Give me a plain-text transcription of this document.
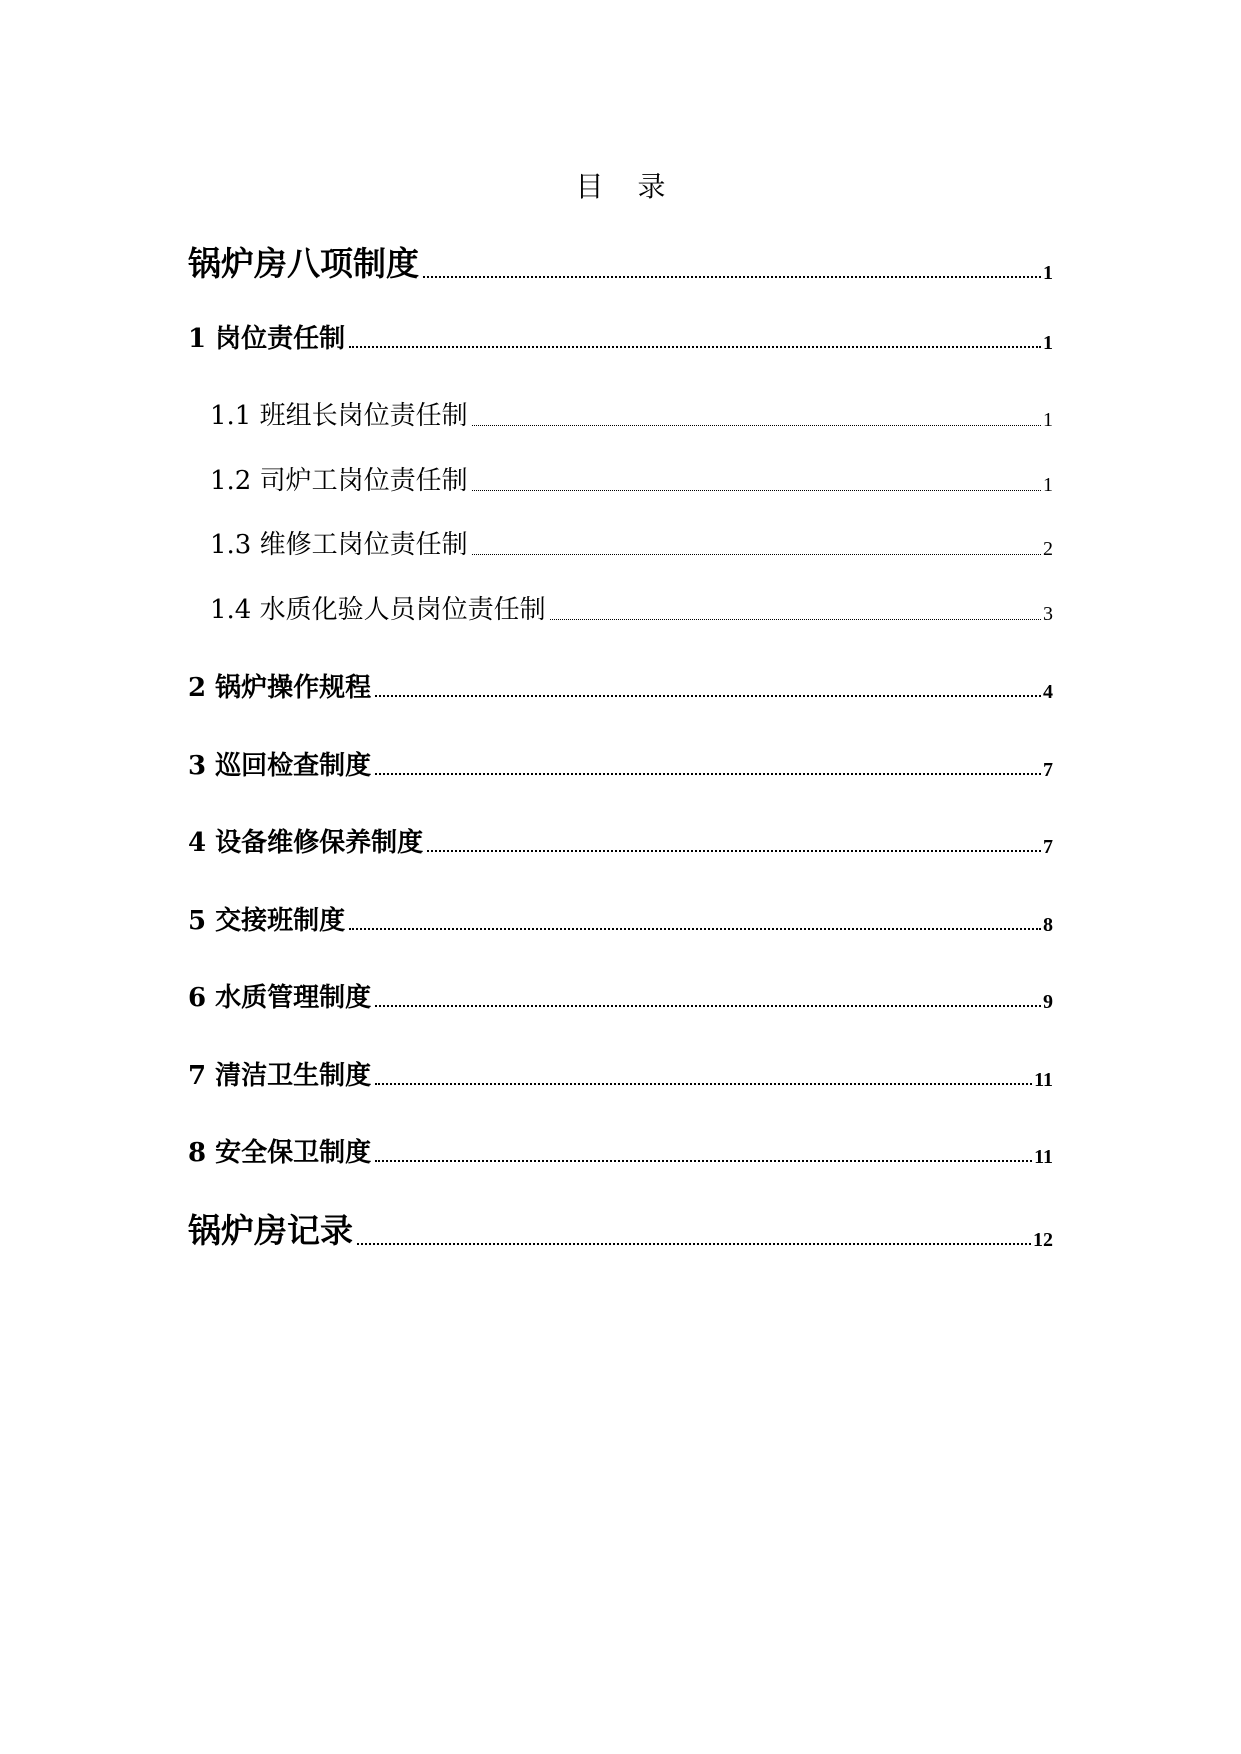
目录
锅炉房八项制度	1
1 岗位责任制	1
1.1 班组长岗位责任制	1
1.2 司炉工岗位责任制	1
1.3 维修工岗位责任制	2
1.4 水质化验人员岗位责任制	3
2 锅炉操作规程	4
3 巡回检查制度	7
4 设备维修保养制度	7
5 交接班制度	8
6 水质管理制度	9
7 清洁卫生制度	11
8 安全保卫制度	11
锅炉房记录	12
